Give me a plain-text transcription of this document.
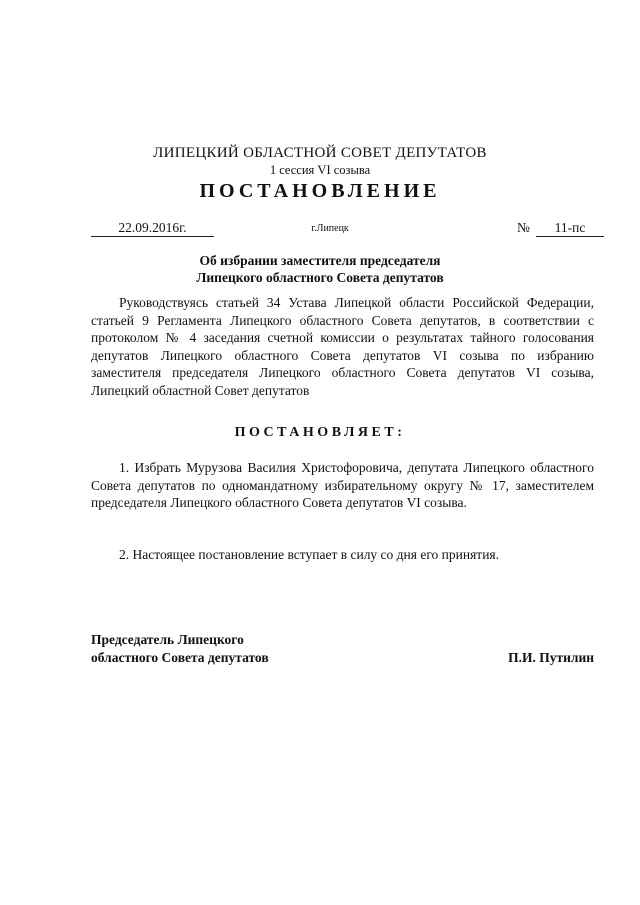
ЛИПЕЦКИЙ ОБЛАСТНОЙ СОВЕТ ДЕПУТАТОВ
1 сессия VI созыва
ПОСТАНОВЛЕНИЕ
22.09.2016г.	г.Липецк	№	11-пс
Об избрании заместителя председателя
Липецкого областного Совета депутатов

Руководствуясь статьей 34 Устава Липецкой области Российской Федерации, статьей 9 Регламента Липецкого областного Совета депутатов, в соответствии с протоколом № 4 заседания счетной комиссии о результатах тайного голосования депутатов Липецкого областного Совета депутатов VI созыва по избранию заместителя председателя Липецкого областного Совета депутатов VI созыва, Липецкий областной Совет депутатов

ПОСТАНОВЛЯЕТ:

1. Избрать Мурузова Василия Христофоровича, депутата Липецкого областного Совета депутатов по одномандатному избирательному округу № 17, заместителем председателя Липецкого областного Совета депутатов VI созыва.

2. Настоящее постановление вступает в силу со дня его принятия.

Председатель Липецкого
областного Совета депутатов	П.И. Путилин
